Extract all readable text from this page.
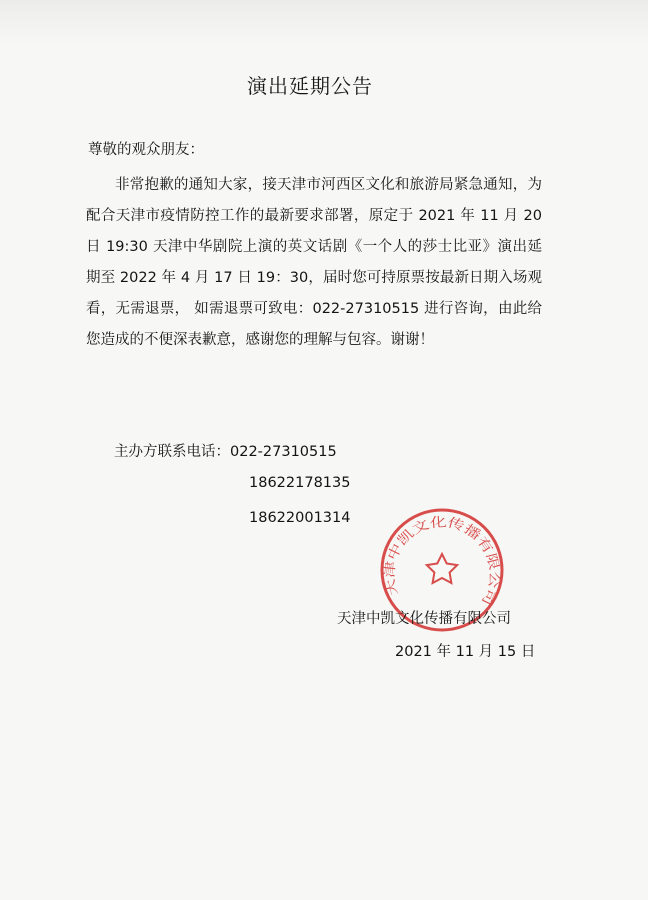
演出延期公告
尊敬的观众朋友：
非常抱歉的通知大家，接天津市河西区文化和旅游局紧急通知，为配合天津市疫情防控工作的最新要求部署，原定于 2021 年 11 月 20 日 19:30 天津中华剧院上演的英文话剧《一个人的莎士比亚》演出延期至 2022 年 4 月 17 日 19：30，届时您可持原票按最新日期入场观看，无需退票， 如需退票可致电：022-27310515 进行咨询，由此给您造成的不便深表歉意，感谢您的理解与包容。谢谢！
主办方联系电话：022-27310515
18622178135
18622001314
天津中凯文化传播有限公司
天津中凯文化传播有限公司
2021 年 11 月 15 日
